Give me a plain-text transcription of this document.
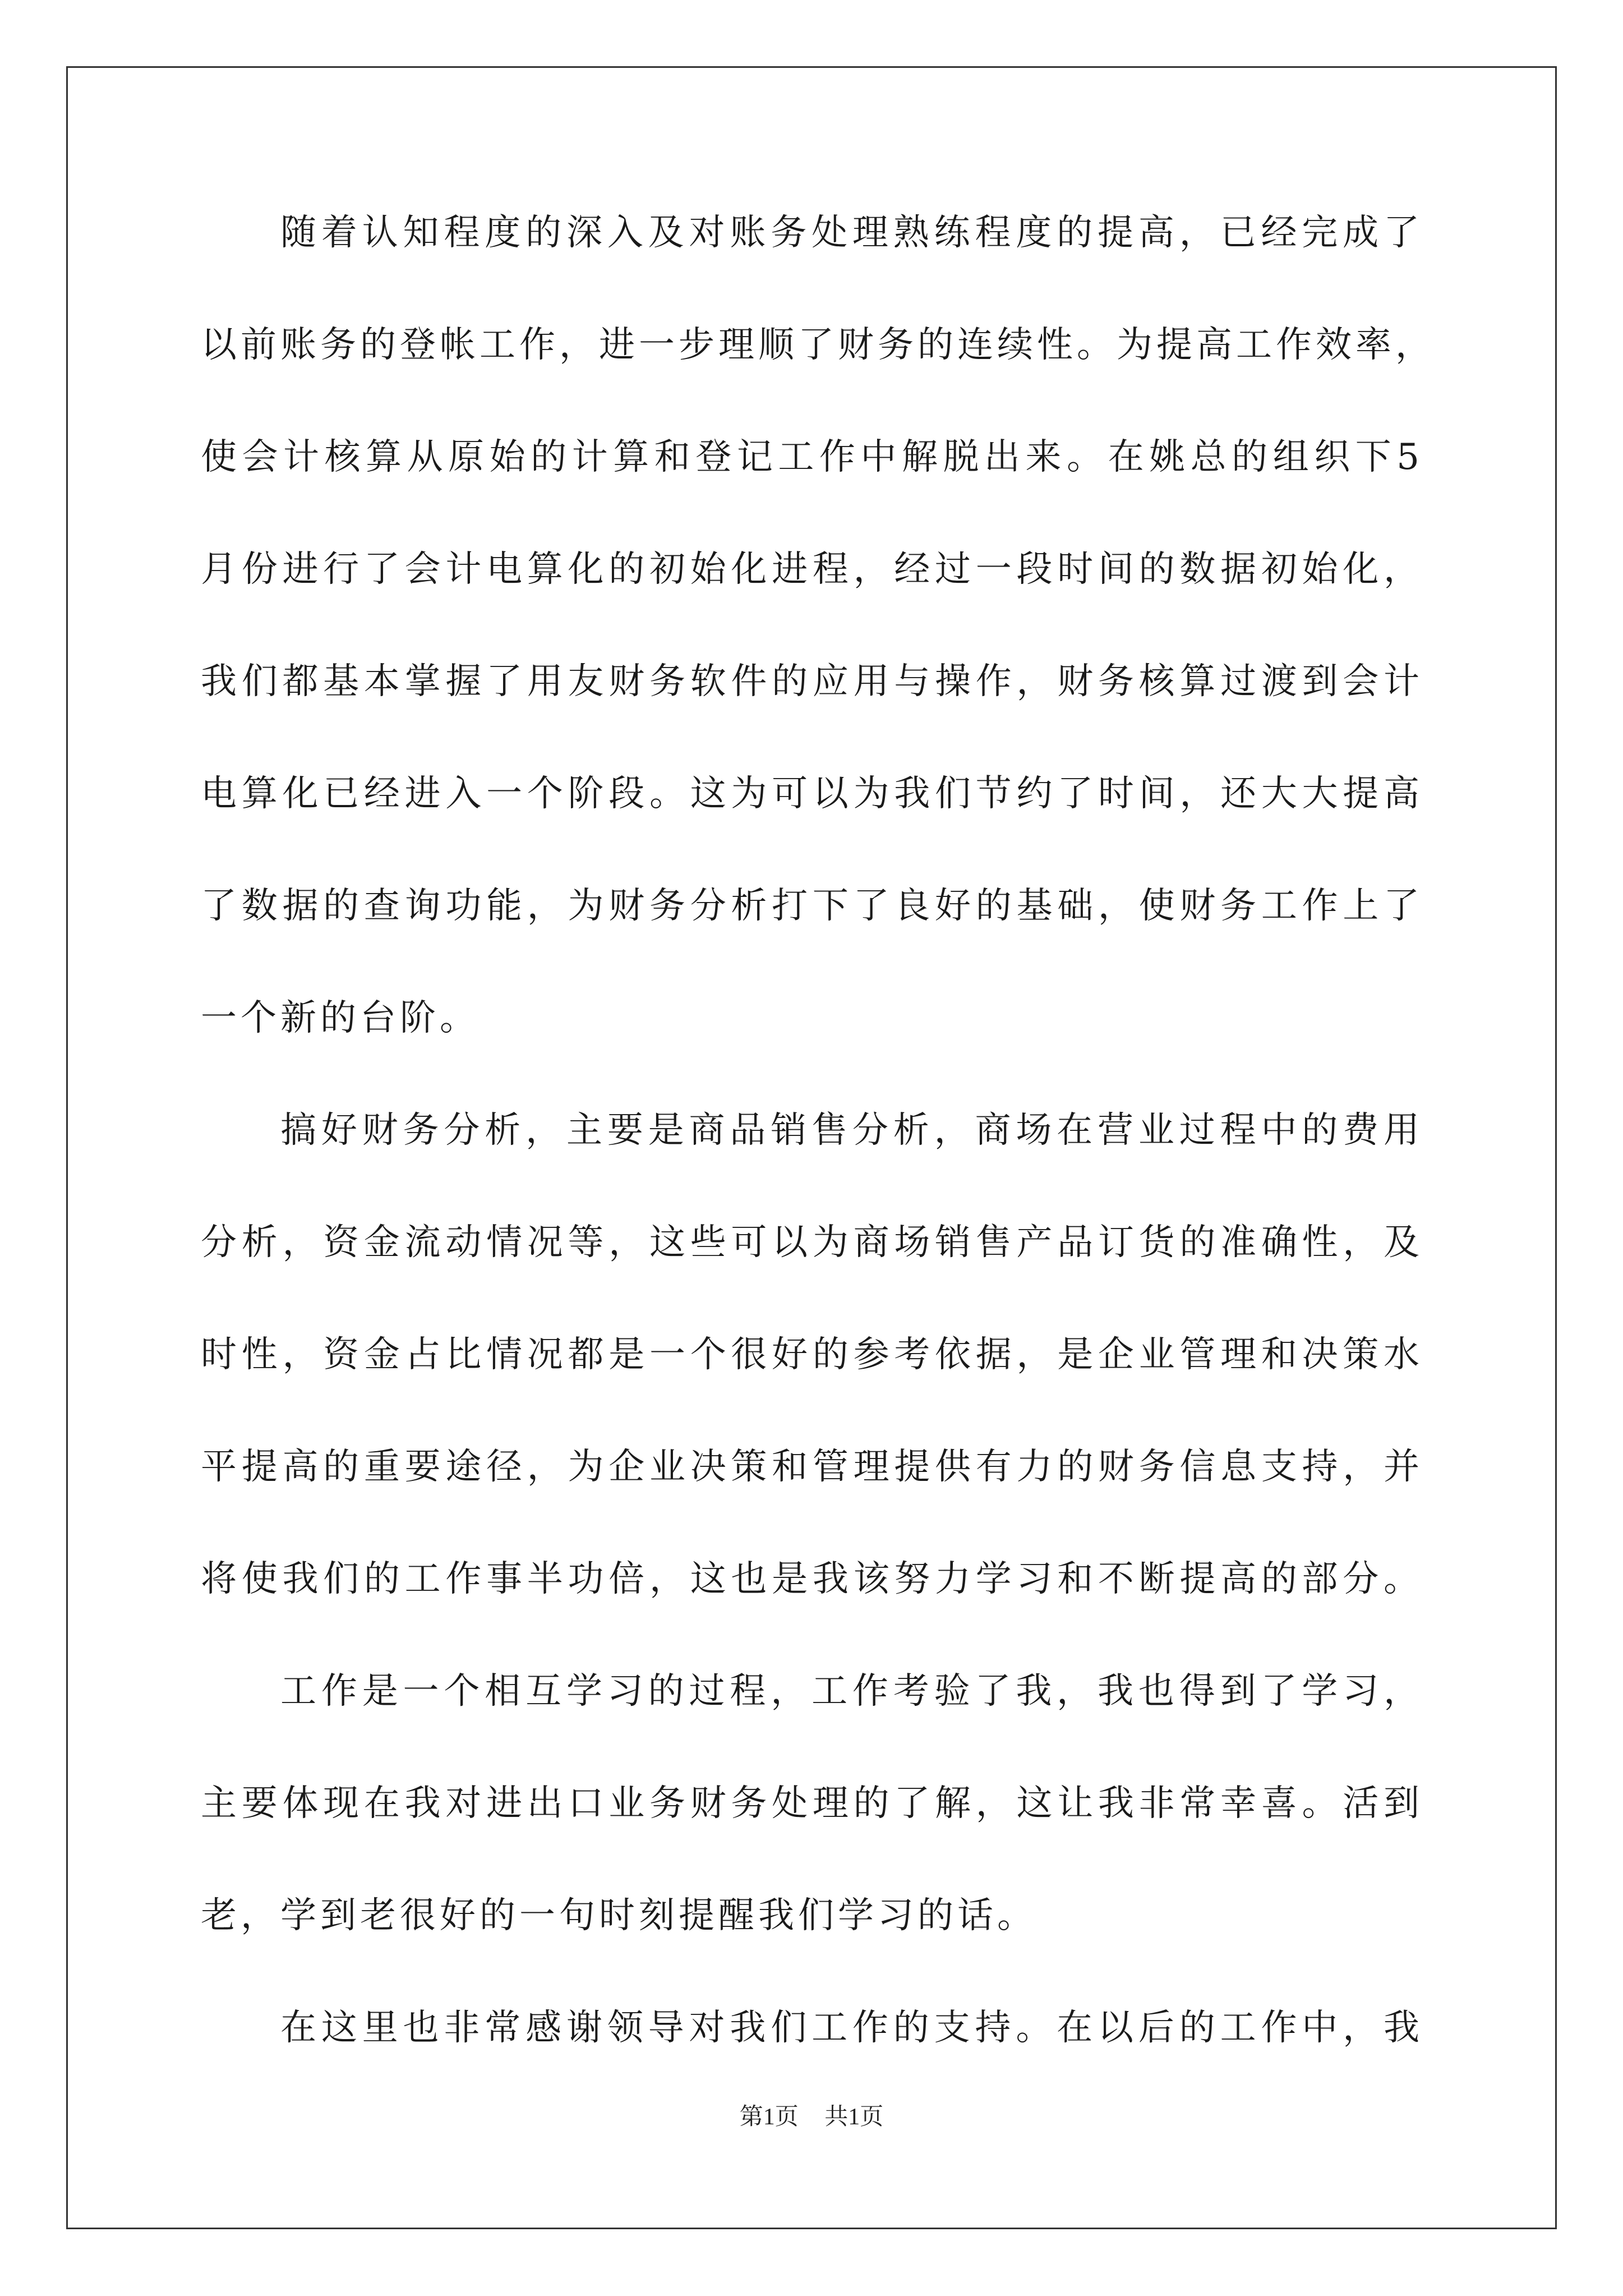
随着认知程度的深入及对账务处理熟练程度的提高，已经完成了
以前账务的登帐工作，进一步理顺了财务的连续性。为提高工作效率，
使会计核算从原始的计算和登记工作中解脱出来。在姚总的组织下5
月份进行了会计电算化的初始化进程，经过一段时间的数据初始化，
我们都基本掌握了用友财务软件的应用与操作，财务核算过渡到会计
电算化已经进入一个阶段。这为可以为我们节约了时间，还大大提高
了数据的查询功能，为财务分析打下了良好的基础，使财务工作上了
一个新的台阶。
搞好财务分析，主要是商品销售分析，商场在营业过程中的费用
分析，资金流动情况等，这些可以为商场销售产品订货的准确性，及
时性，资金占比情况都是一个很好的参考依据，是企业管理和决策水
平提高的重要途径，为企业决策和管理提供有力的财务信息支持，并
将使我们的工作事半功倍，这也是我该努力学习和不断提高的部分。
工作是一个相互学习的过程，工作考验了我，我也得到了学习，
主要体现在我对进出口业务财务处理的了解，这让我非常幸喜。活到
老，学到老很好的一句时刻提醒我们学习的话。
在这里也非常感谢领导对我们工作的支持。在以后的工作中，我
第1页 共1页
